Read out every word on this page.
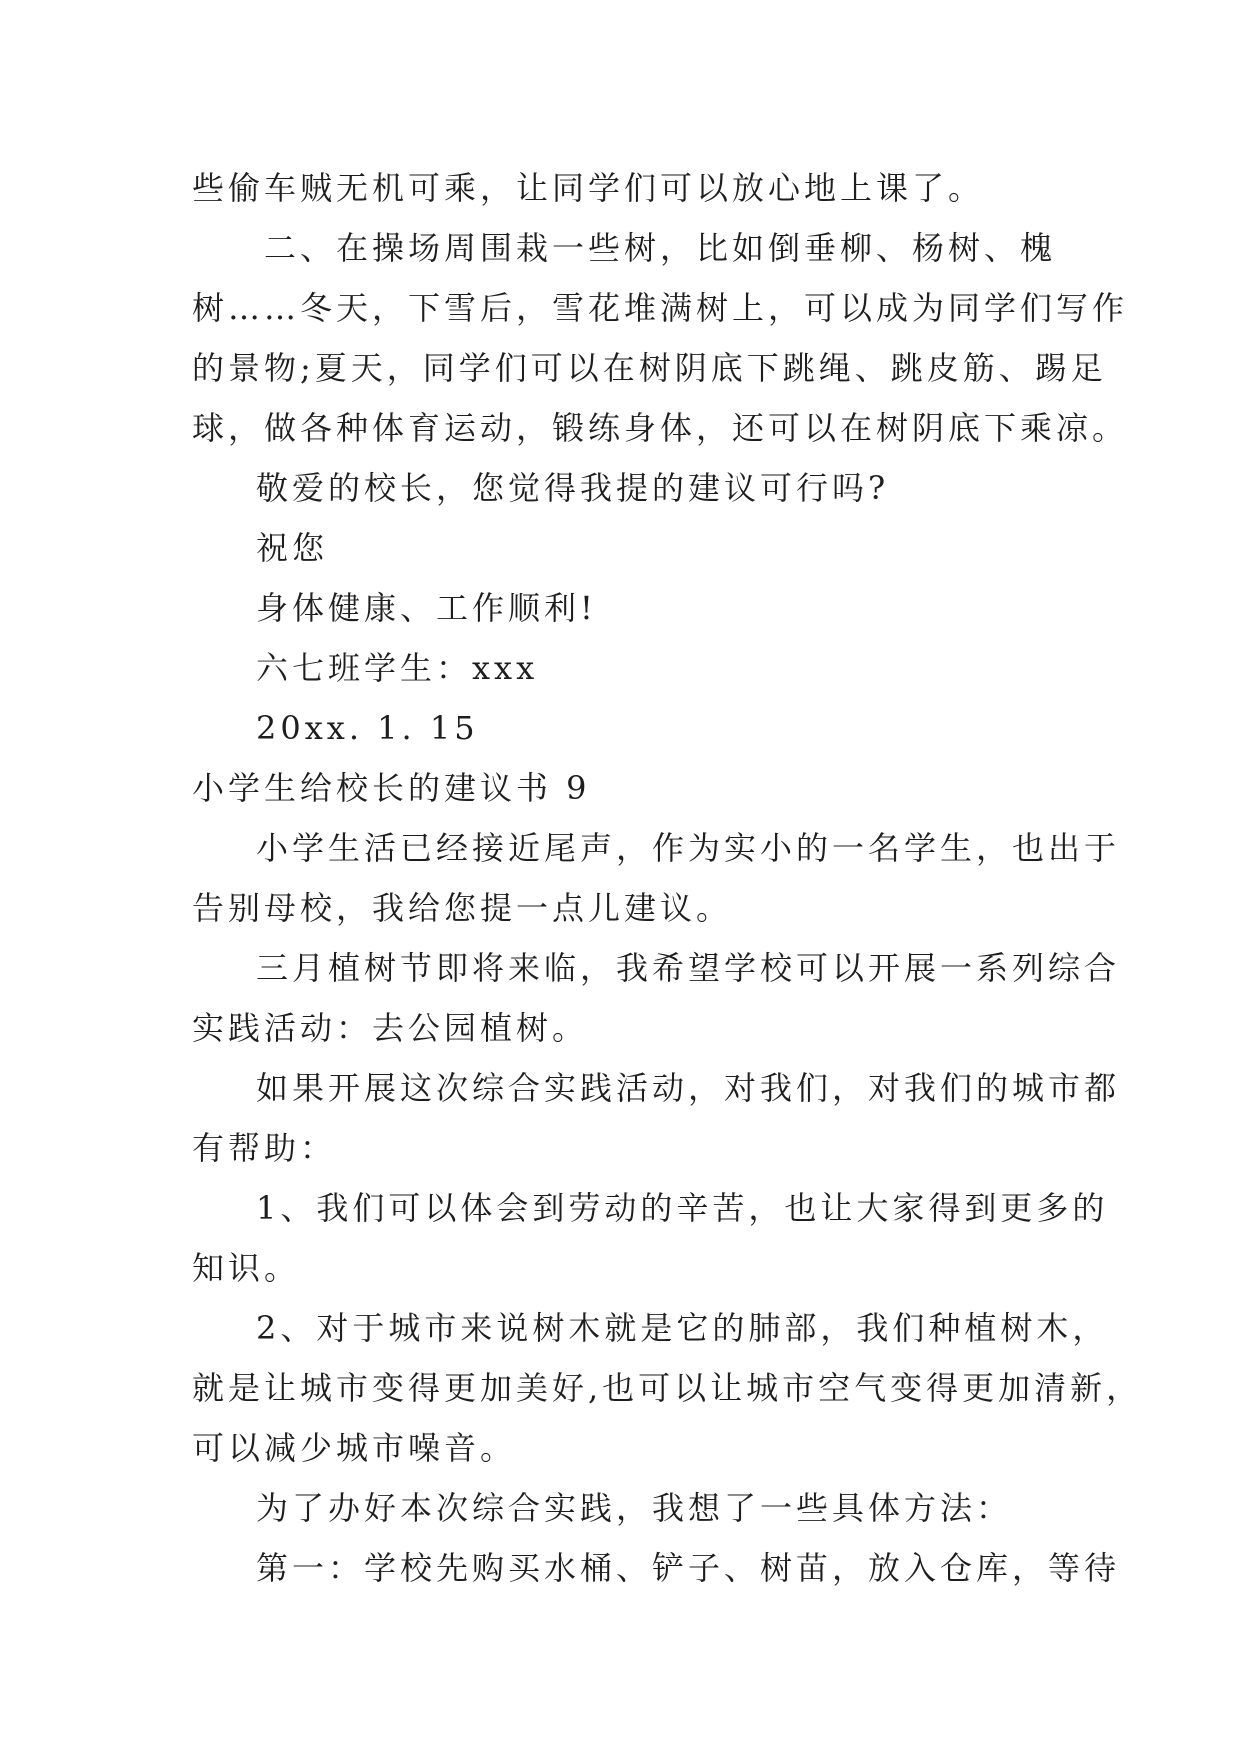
些偷车贼无机可乘，让同学们可以放心地上课了。

二、在操场周围栽一些树，比如倒垂柳、杨树、槐

树……冬天，下雪后，雪花堆满树上，可以成为同学们写作

的景物;夏天，同学们可以在树阴底下跳绳、跳皮筋、踢足

球，做各种体育运动，锻练身体，还可以在树阴底下乘凉。

敬爱的校长，您觉得我提的建议可行吗?

祝您

身体健康、工作顺利!

六七班学生：xxx

20xx. 1. 15

小学生给校长的建议书 9

小学生活已经接近尾声，作为实小的一名学生，也出于

告别母校，我给您提一点儿建议。

三月植树节即将来临，我希望学校可以开展一系列综合

实践活动：去公园植树。

如果开展这次综合实践活动，对我们，对我们的城市都

有帮助：

1、我们可以体会到劳动的辛苦，也让大家得到更多的

知识。

2、对于城市来说树木就是它的肺部，我们种植树木，

就是让城市变得更加美好,也可以让城市空气变得更加清新，

可以减少城市噪音。

为了办好本次综合实践，我想了一些具体方法：

第一：学校先购买水桶、铲子、树苗，放入仓库，等待
